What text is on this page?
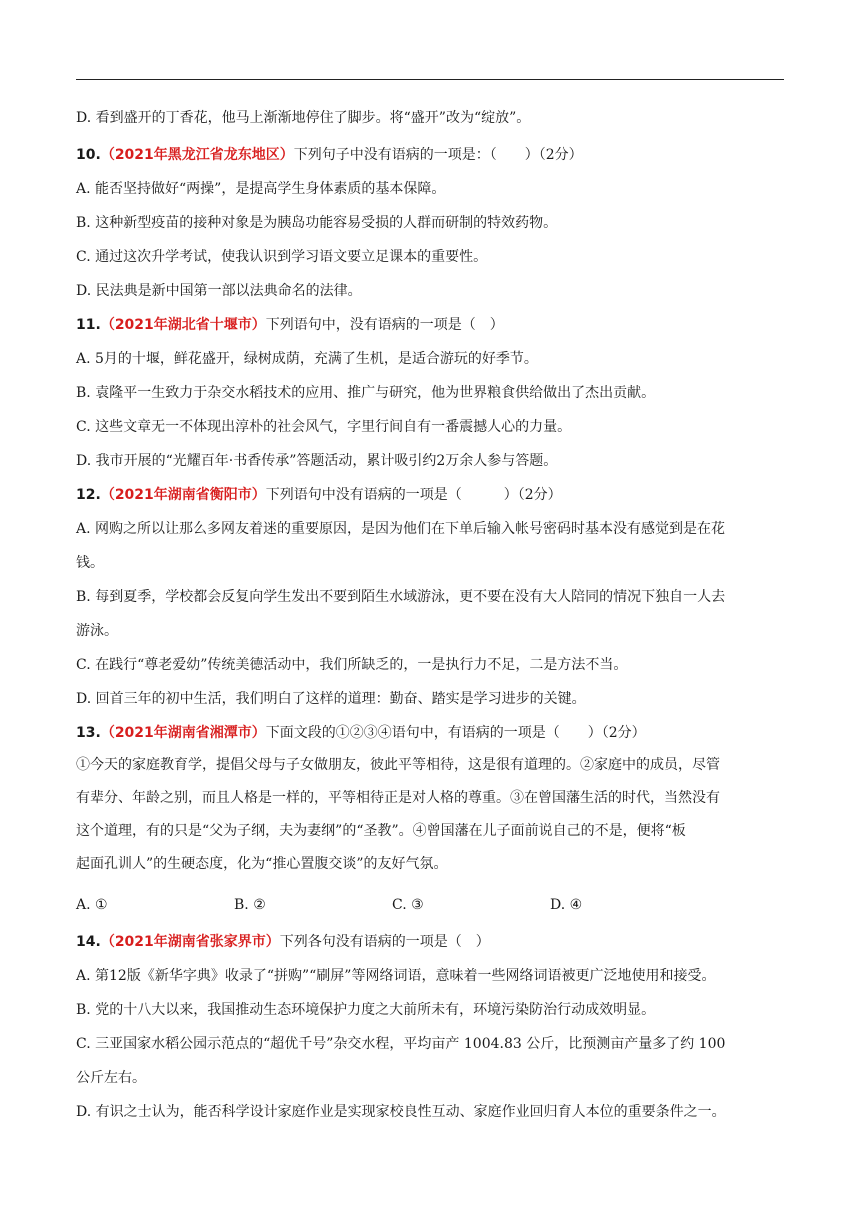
D. 看到盛开的丁香花，他马上渐渐地停住了脚步。将“盛开”改为“绽放”。
10.（2021年黑龙江省龙东地区）下列句子中没有语病的一项是：（　　）（2分）
A. 能否坚持做好“两操”，是提高学生身体素质的基本保障。
B. 这种新型疫苗的接种对象是为胰岛功能容易受损的人群而研制的特效药物。
C. 通过这次升学考试，使我认识到学习语文要立足课本的重要性。
D. 民法典是新中国第一部以法典命名的法律。
11.（2021年湖北省十堰市）下列语句中，没有语病的一项是（　）
A. 5月的十堰，鲜花盛开，绿树成荫，充满了生机，是适合游玩的好季节。
B. 袁隆平一生致力于杂交水稻技术的应用、推广与研究，他为世界粮食供给做出了杰出贡献。
C. 这些文章无一不体现出淳朴的社会风气，字里行间自有一番震撼人心的力量。
D. 我市开展的“光耀百年·书香传承”答题活动，累计吸引约2万余人参与答题。
12.（2021年湖南省衡阳市）下列语句中没有语病的一项是（　　　）（2分）
A. 网购之所以让那么多网友着迷的重要原因，是因为他们在下单后输入帐号密码时基本没有感觉到是在花
钱。
B. 每到夏季，学校都会反复向学生发出不要到陌生水域游泳，更不要在没有大人陪同的情况下独自一人去
游泳。
C. 在践行“尊老爱幼”传统美德活动中，我们所缺乏的，一是执行力不足，二是方法不当。
D. 回首三年的初中生活，我们明白了这样的道理：勤奋、踏实是学习进步的关键。
13.（2021年湖南省湘潭市）下面文段的①②③④语句中，有语病的一项是（　　）（2分）
①今天的家庭教育学，提倡父母与子女做朋友，彼此平等相待，这是很有道理的。②家庭中的成员，尽管
有辈分、年龄之别，而且人格是一样的，平等相待正是对人格的尊重。③在曾国藩生活的时代，当然没有
这个道理，有的只是“父为子纲，夫为妻纲”的“圣教”。④曾国藩在儿子面前说自己的不是，便将“板
起面孔训人”的生硬态度，化为“推心置腹交谈”的友好气氛。
A. ①	B. ②	C. ③	D. ④
14.（2021年湖南省张家界市）下列各句没有语病的一项是（　）
A. 第12版《新华字典》收录了“拼购”“刷屏”等网络词语，意味着一些网络词语被更广泛地使用和接受。
B. 党的十八大以来，我国推动生态环境保护力度之大前所未有，环境污染防治行动成效明显。
C. 三亚国家水稻公园示范点的“超优千号”杂交水程，平均亩产 1004.83 公斤，比预测亩产量多了约 100
公斤左右。
D. 有识之士认为，能否科学设计家庭作业是实现家校良性互动、家庭作业回归育人本位的重要条件之一。
